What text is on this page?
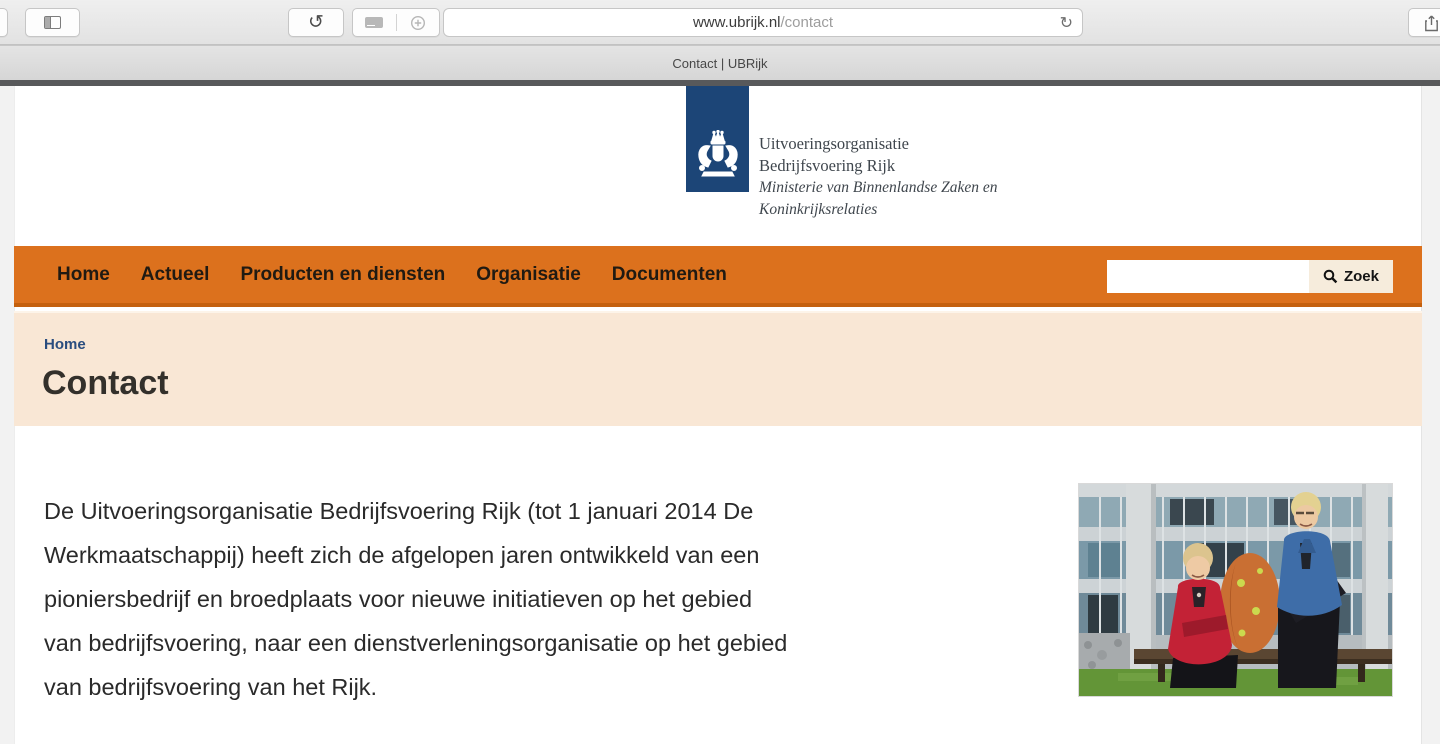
↺	www.ubrijk.nl /contact	↻
Contact | UBRijk
Uitvoeringsorganisatie
Bedrijfsvoering Rijk
Ministerie van Binnenlandse Zaken en
Koninkrijksrelaties
Home Actueel Producten en diensten Organisatie Documenten	Zoek
Home
Contact
De Uitvoeringsorganisatie Bedrijfsvoering Rijk (tot 1 januari 2014 De
Werkmaatschappij) heeft zich de afgelopen jaren ontwikkeld van een
pioniersbedrijf en broedplaats voor nieuwe initiatieven op het gebied
van bedrijfsvoering, naar een dienstverleningsorganisatie op het gebied
van bedrijfsvoering van het Rijk.
